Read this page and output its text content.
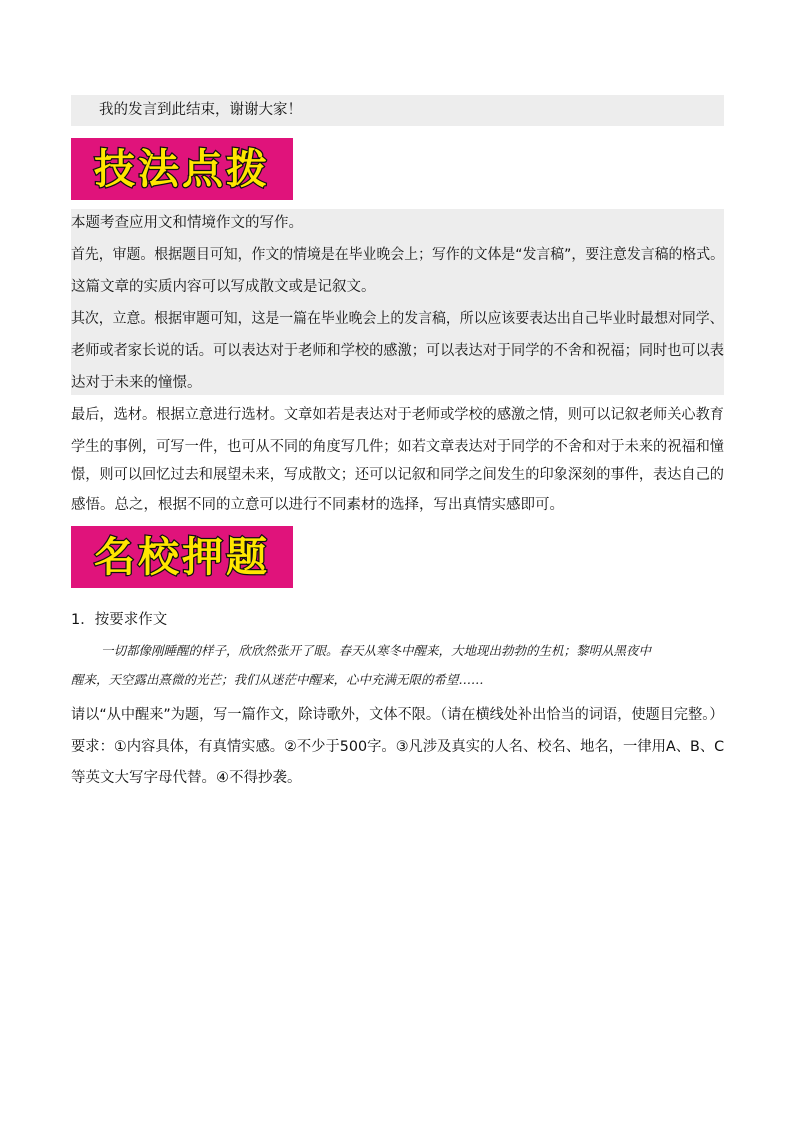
我的发言到此结束，谢谢大家！
技法点拨
本题考查应用文和情境作文的写作。
首先，审题。根据题目可知，作文的情境是在毕业晚会上；写作的文体是“发言稿”，要注意发言稿的格式。
这篇文章的实质内容可以写成散文或是记叙文。
其次，立意。根据审题可知，这是一篇在毕业晚会上的发言稿，所以应该要表达出自己毕业时最想对同学、
老师或者家长说的话。可以表达对于老师和学校的感激；可以表达对于同学的不舍和祝福；同时也可以表
达对于未来的憧憬。
最后，选材。根据立意进行选材。文章如若是表达对于老师或学校的感激之情，则可以记叙老师关心教育
学生的事例，可写一件，也可从不同的角度写几件；如若文章表达对于同学的不舍和对于未来的祝福和憧
憬，则可以回忆过去和展望未来，写成散文；还可以记叙和同学之间发生的印象深刻的事件，表达自己的
感悟。总之，根据不同的立意可以进行不同素材的选择，写出真情实感即可。
名校押题
1．按要求作文
一切都像刚睡醒的样子，欣欣然张开了眼。春天从寒冬中醒来，大地现出勃勃的生机；黎明从黑夜中
醒来，天空露出熹微的光芒；我们从迷茫中醒来，心中充满无限的希望……
请以“从中醒来”为题，写一篇作文，除诗歌外，文体不限。（请在横线处补出恰当的词语，使题目完整。）
要求：①内容具体，有真情实感。②不少于500字。③凡涉及真实的人名、校名、地名，一律用A、B、C
等英文大写字母代替。④不得抄袭。
